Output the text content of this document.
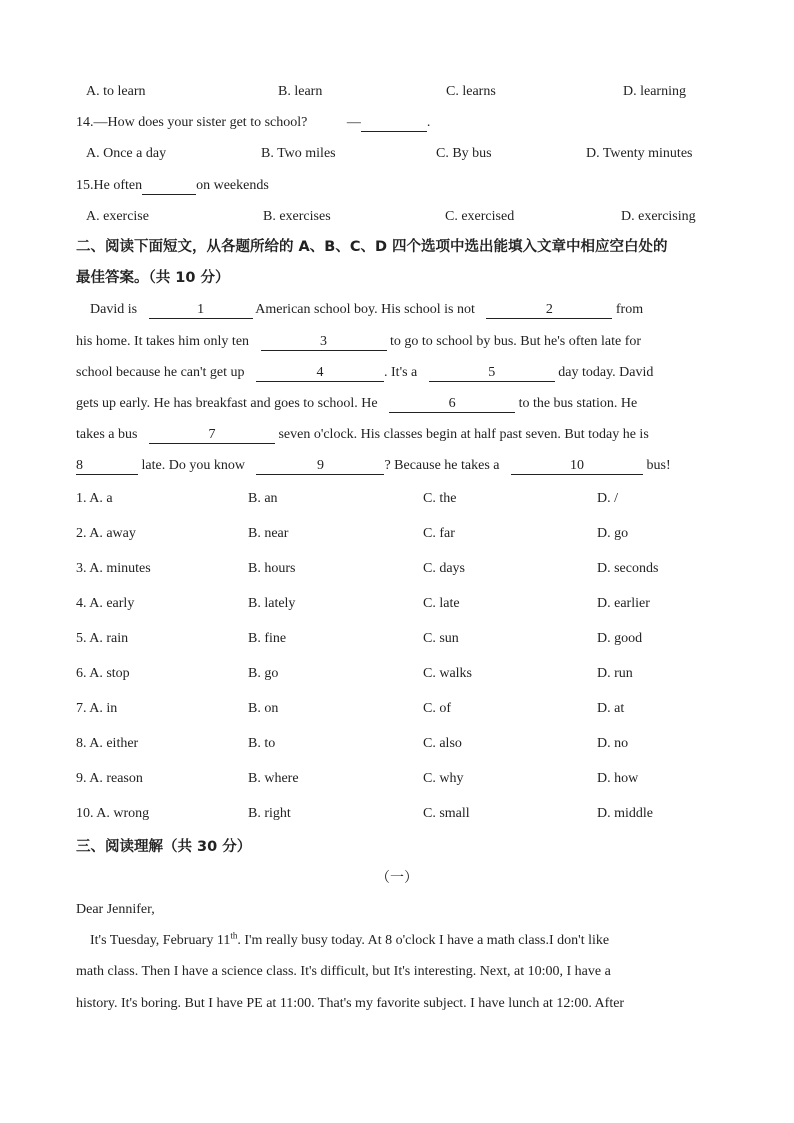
A. to learn	B. learn	C. learns	D. learning
14.—How does your sister get to school?	—	.
A. Once a day	B. Two miles	C. By bus	D. Twenty minutes
15.He often	on weekends
A. exercise	B. exercises	C. exercised	D. exercising
二、阅读下面短文，从各题所给的 A、B、C、D 四个选项中选出能填入文章中相应空白处的
最佳答案。（共 10 分）
David is	1	American school boy. His school is not	2	from
his home. It takes him only ten	3	to go to school by bus. But he's often late for
school because he can't get up	4	. It's a	5	day today. David
gets up early. He has breakfast and goes to school. He	6	to the bus station. He
takes a bus	7	seven o'clock. His classes begin at half past seven. But today he is
8	late. Do you know	9	? Because he takes a	10	bus!
1. A. a	B. an	C. the	D. /
2. A. away	B. near	C. far	D. go
3. A. minutes	B. hours	C. days	D. seconds
4. A. early	B. lately	C. late	D. earlier
5. A. rain	B. fine	C. sun	D. good
6. A. stop	B. go	C. walks	D. run
7. A. in	B. on	C. of	D. at
8. A. either	B. to	C. also	D. no
9. A. reason	B. where	C. why	D. how
10. A. wrong	B. right	C. small	D. middle
三、阅读理解（共 30 分）
（一）
Dear Jennifer,
It's Tuesday, February 11th. I'm really busy today. At 8 o'clock I have a math class.I don't like
math class. Then I have a science class. It's difficult, but It's interesting. Next, at 10:00, I have a
history. It's boring. But I have PE at 11:00. That's my favorite subject. I have lunch at 12:00. After
